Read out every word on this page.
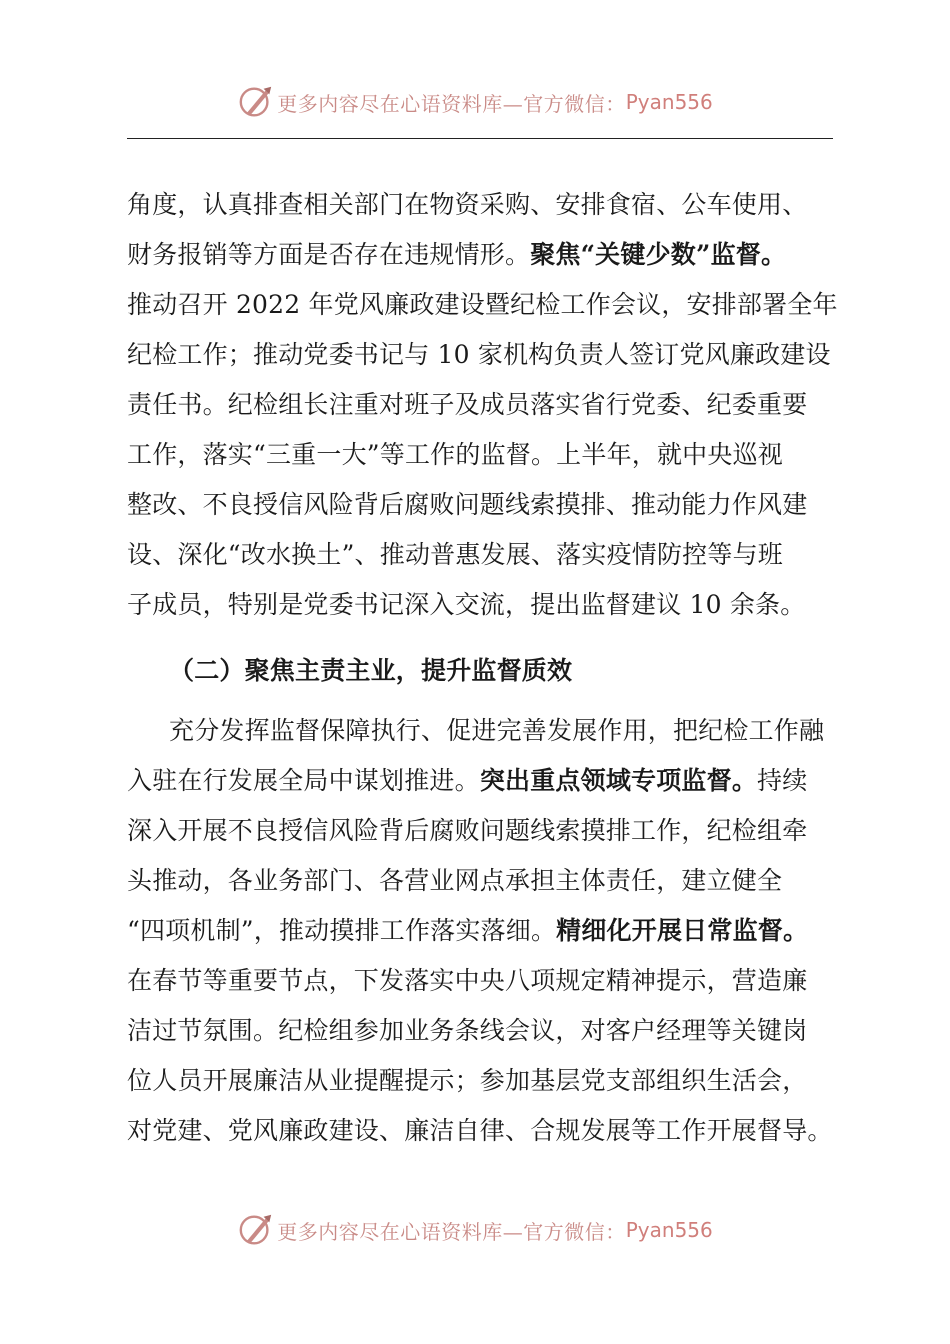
更多内容尽在心语资料库—官方微信： Pyan556
角度，认真排查相关部门在物资采购、安排食宿、公车使用、
财务报销等方面是否存在违规情形。聚焦“关键少数”监督。
推动召开 2022 年党风廉政建设暨纪检工作会议，安排部署全年
纪检工作；推动党委书记与 10 家机构负责人签订党风廉政建设
责任书。纪检组长注重对班子及成员落实省行党委、纪委重要
工作，落实“三重一大”等工作的监督。上半年，就中央巡视
整改、不良授信风险背后腐败问题线索摸排、推动能力作风建
设、深化“改水换土”、推动普惠发展、落实疫情防控等与班
子成员，特别是党委书记深入交流，提出监督建议 10 余条。
（二）聚焦主责主业，提升监督质效
充分发挥监督保障执行、促进完善发展作用，把纪检工作融
入驻在行发展全局中谋划推进。突出重点领域专项监督。持续
深入开展不良授信风险背后腐败问题线索摸排工作，纪检组牵
头推动，各业务部门、各营业网点承担主体责任，建立健全
“四项机制”，推动摸排工作落实落细。精细化开展日常监督。
在春节等重要节点，下发落实中央八项规定精神提示，营造廉
洁过节氛围。纪检组参加业务条线会议，对客户经理等关键岗
位人员开展廉洁从业提醒提示；参加基层党支部组织生活会，
对党建、党风廉政建设、廉洁自律、合规发展等工作开展督导。
更多内容尽在心语资料库—官方微信： Pyan556
